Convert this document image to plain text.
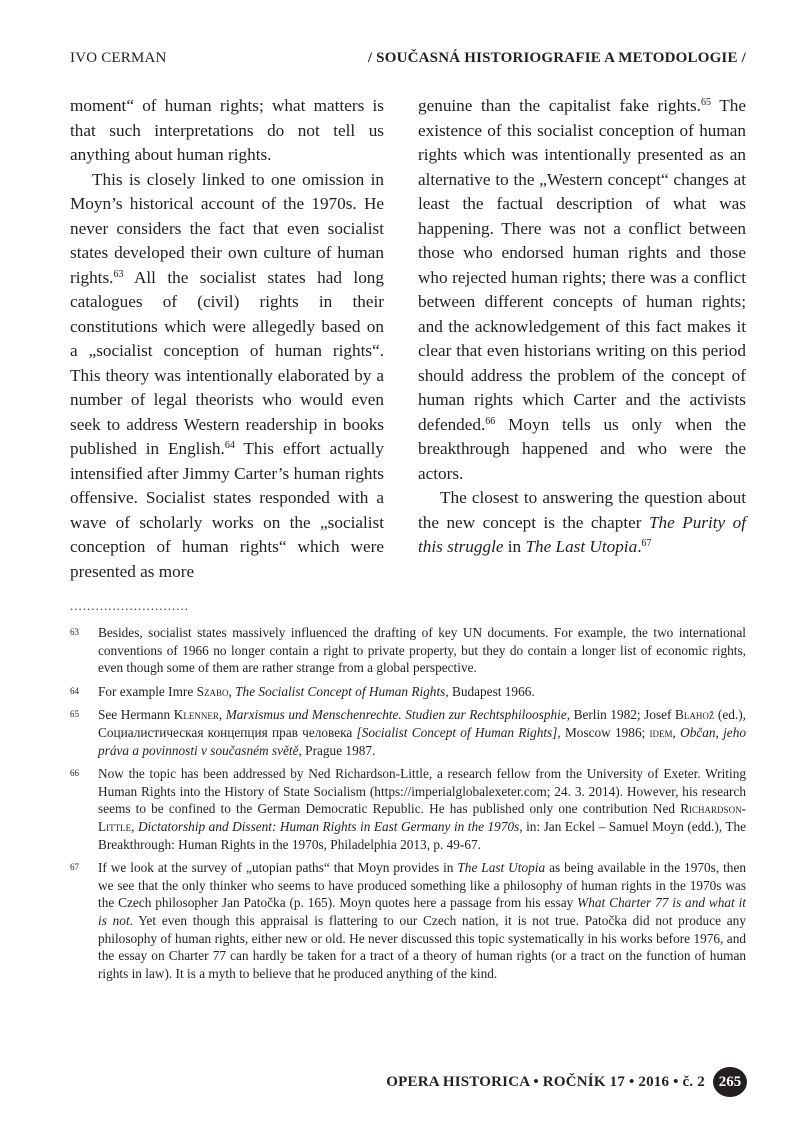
IVO CERMAN	/ SOUČASNÁ HISTORIOGRAFIE A METODOLOGIE /

moment“ of human rights; what matters is that such interpretations do not tell us anything about human rights.

This is closely linked to one omission in Moyn’s historical account of the 1970s. He never considers the fact that even socialist states developed their own culture of human rights.$^{63}$ All the socialist states had long catalogues of (civil) rights in their constitutions which were allegedly based on a „socialist conception of human rights“. This theory was intentionally elaborated by a number of legal theorists who would even seek to address Western readership in books published in English.$^{64}$ This effort actually intensified after Jimmy Carter’s human rights offensive. Socialist states responded with a wave of scholarly works on the „socialist conception of human rights“ which were presented as more

genuine than the capitalist fake rights.$^{65}$ The existence of this socialist conception of human rights which was intentionally presented as an alternative to the „Western concept“ changes at least the factual description of what was happening. There was not a conflict between those who endorsed human rights and those who rejected human rights; there was a conflict between different concepts of human rights; and the acknowledgement of this fact makes it clear that even historians writing on this period should address the problem of the concept of human rights which Carter and the activists defended.$^{66}$ Moyn tells us only when the breakthrough happened and who were the actors.

The closest to answering the question about the new concept is the chapter The Purity of this struggle in The Last Utopia.$^{67}$

............................
63 Besides, socialist states massively influenced the drafting of key UN documents. For example, the two international conventions of 1966 no longer contain a right to private property, but they do contain a longer list of economic rights, even though some of them are rather strange from a global perspective.
64 For example Imre Szabo, The Socialist Concept of Human Rights, Budapest 1966.
65 See Hermann Klenner, Marxismus und Menschenrechte. Studien zur Rechtsphiloosphie, Berlin 1982; Josef Blahož (ed.), Социалистическая концепция прав человека [Socialist Concept of Human Rights], Moscow 1986; idem, Občan, jeho práva a povinnosti v současném světě, Prague 1987.
66 Now the topic has been addressed by Ned Richardson-Little, a research fellow from the University of Exeter. Writing Human Rights into the History of State Socialism (https://imperialglobalexeter.com; 24. 3. 2014). However, his research seems to be confined to the German Democratic Republic. He has published only one contribution Ned Richardson-Little, Dictatorship and Dissent: Human Rights in East Germany in the 1970s, in: Jan Eckel – Samuel Moyn (edd.), The Breakthrough: Human Rights in the 1970s, Philadelphia 2013, p. 49-67.
67 If we look at the survey of „utopian paths“ that Moyn provides in The Last Utopia as being available in the 1970s, then we see that the only thinker who seems to have produced something like a philosophy of human rights in the 1970s was the Czech philosopher Jan Patočka (p. 165). Moyn quotes here a passage from his essay What Charter 77 is and what it is not. Yet even though this appraisal is flattering to our Czech nation, it is not true. Patočka did not produce any philosophy of human rights, either new or old. He never discussed this topic systematically in his works before 1976, and the essay on Charter 77 can hardly be taken for a tract of a theory of human rights (or a tract on the function of human rights in law). It is a myth to believe that he produced anything of the kind.
OPERA HISTORICA • ROČNÍK 17 • 2016 • č. 2 265
